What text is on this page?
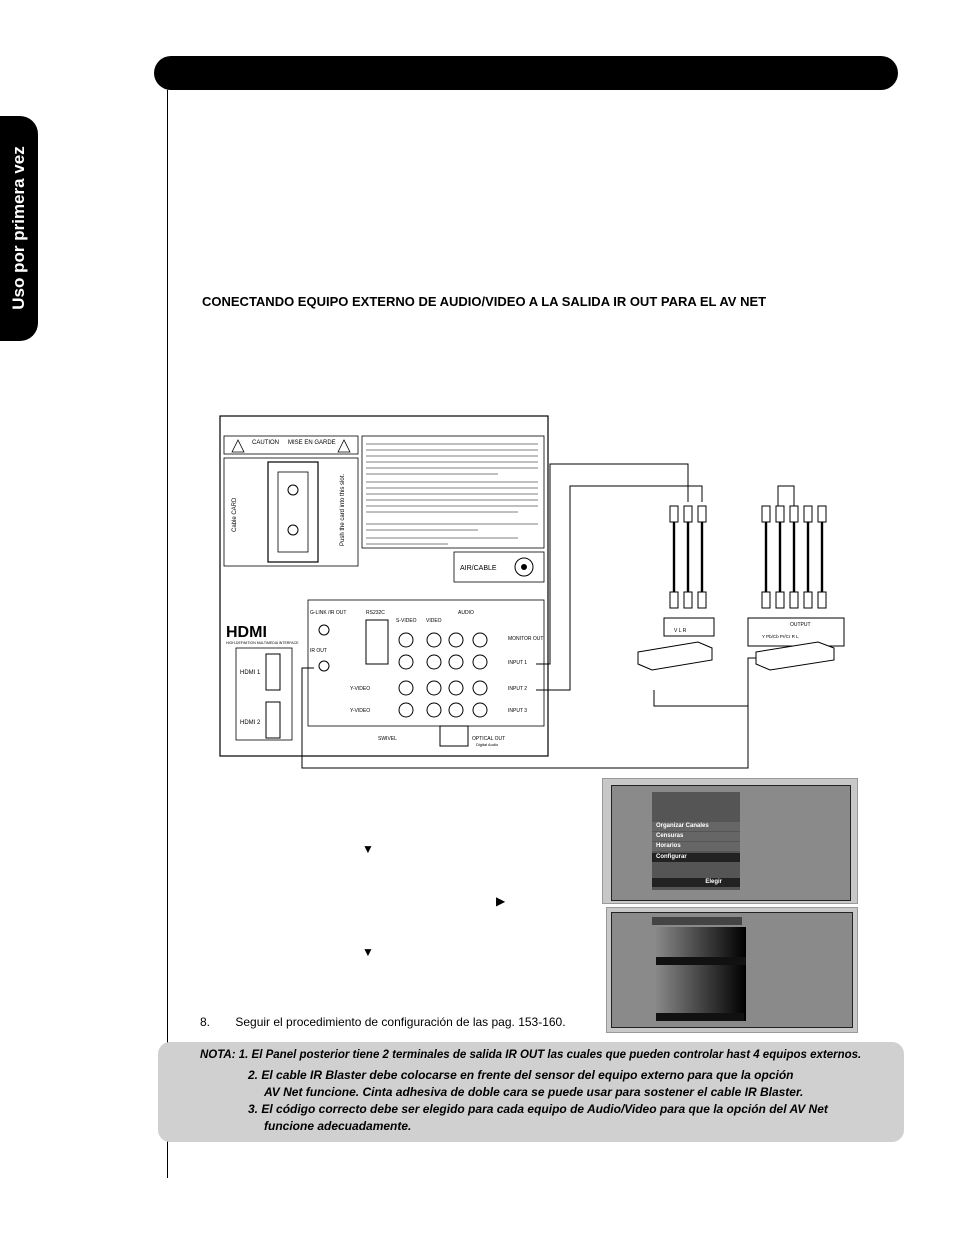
Uso por primera vez	CONECTANDO EQUIPO EXTERNO DE AUDIO/VIDEO A LA SALIDA IR OUT PARA EL AV NET
CAUTION MISE EN GARDE
Cable CARD	Push the card into this slot.
AIR/CABLE
HDMI
HIGH-DEFINITION MULTIMEDIA INTERFACE
HDMI 1
HDMI 2
G-LINK /IR OUT
IR OUT
RS232C
S-VIDEO VIDEO
AUDIO
MONITOR OUT
INPUT 1
INPUT 2
INPUT 3
Y-VIDEO
Y-VIDEO
SWIVEL	OPTICAL OUT
Digital Audio
V L R
OUTPUT
Y Pb/Cb Pr/Cr R L
Organizar Canales
Censuras
Horarios
Configurar
Elegir
▼
▶
▼
8. Seguir el procedimiento de configuración de las pag. 153-160.
NOTA: 1. El Panel posterior tiene 2 terminales de salida IR OUT las cuales que pueden controlar hast 4 equipos externos.
2. El cable IR Blaster debe colocarse en frente del sensor del equipo externo para que la opción
AV Net funcione. Cinta adhesiva de doble cara se puede usar para sostener el cable IR Blaster.
3. El código correcto debe ser elegido para cada equipo de Audio/Video para que la opción del AV Net
funcione adecuadamente.
